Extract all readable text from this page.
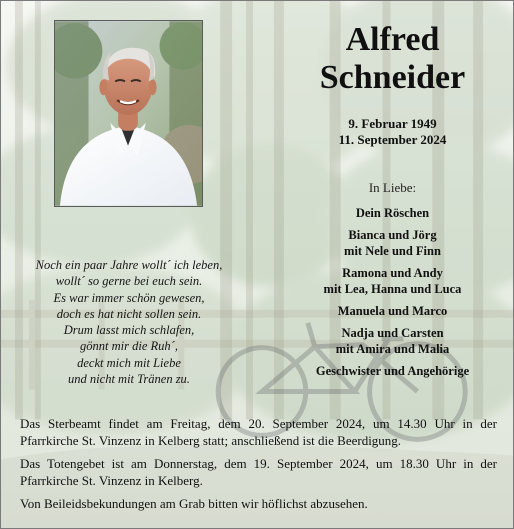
Alfred
Schneider
9. Februar 1949
11. September 2024
In Liebe:
Dein Röschen
Bianca und Jörg
mit Nele und Finn
Ramona und Andy
mit Lea, Hanna und Luca
Manuela und Marco
Nadja und Carsten
mit Amira und Malia
Geschwister und Angehörige
Noch ein paar Jahre wollt´ ich leben,
wollt´ so gerne bei euch sein.
Es war immer schön gewesen,
doch es hat nicht sollen sein.
Drum lasst mich schlafen,
gönnt mir die Ruh´,
deckt mich mit Liebe
und nicht mit Tränen zu.

Das Sterbeamt findet am Freitag, dem 20. September 2024, um 14.30 Uhr in der Pfarrkirche St. Vinzenz in Kelberg statt; anschließend ist die Beerdigung.

Das Totengebet ist am Donnerstag, dem 19. September 2024, um 18.30 Uhr in der Pfarrkirche St. Vinzenz in Kelberg.

Von Beileidsbekundungen am Grab bitten wir höflichst abzusehen.
